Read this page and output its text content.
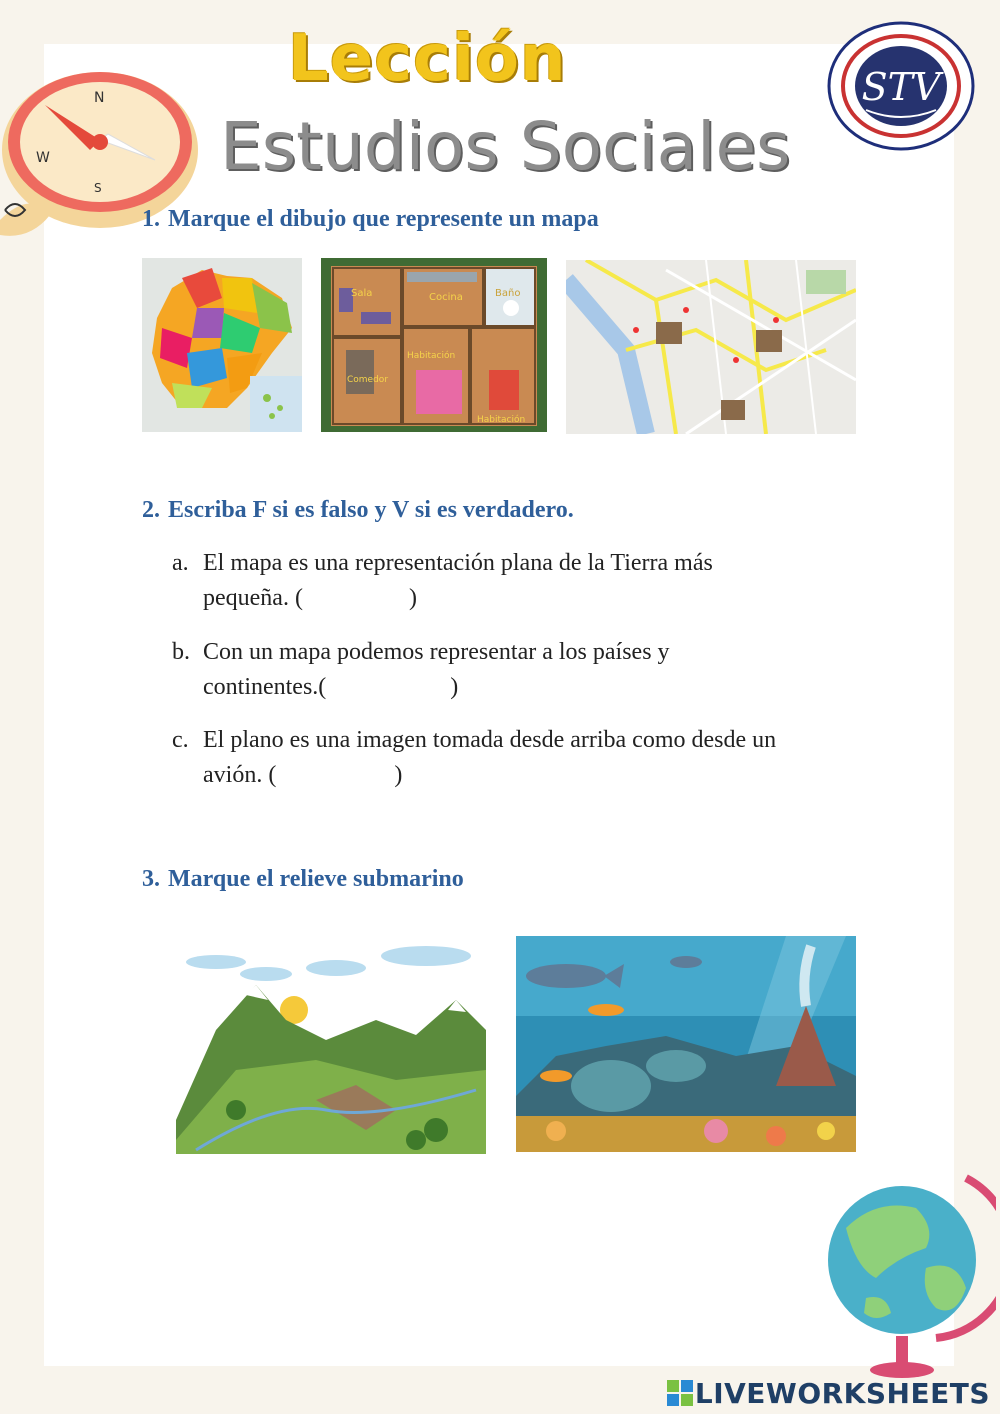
N
W
S
Lección
Estudios Sociales
STV
1. Marque el dibujo que represente un mapa
Sala	Cocina	Baño
Habitación
Comedor
Habitación
2. Escriba F si es falso y V si es verdadero.
a. El mapa es una representación plana de la Tierra más
pequeña. (	)
b. Con un mapa podemos representar a los países y
continentes.(	)
c. El plano es una imagen tomada desde arriba como desde un
avión. (	)
3. Marque el relieve submarino
LIVEWORKSHEETS
